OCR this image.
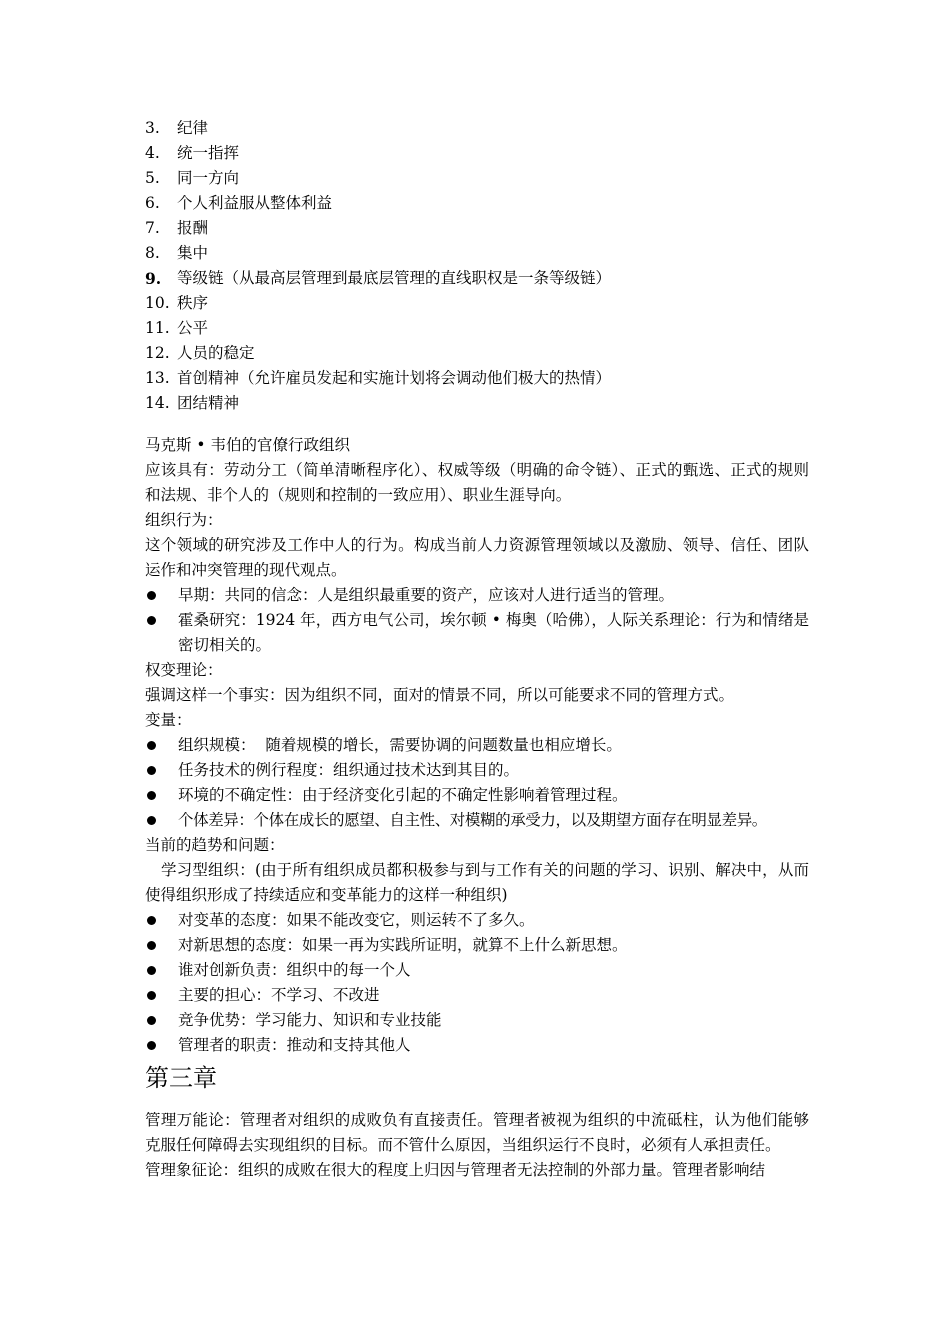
3.	纪律
4.	统一指挥
5.	同一方向
6.	个人利益服从整体利益
7.	报酬
8.	集中
9.	等级链（从最高层管理到最底层管理的直线职权是一条等级链）
10. 秩序
11. 公平
12. 人员的稳定
13. 首创精神（允许雇员发起和实施计划将会调动他们极大的热情）
14. 团结精神
马克斯 • 韦伯的官僚行政组织
应该具有：劳动分工（简单清晰程序化）、权威等级（明确的命令链）、正式的甄选、正式的规则和法规、非个人的（规则和控制的一致应用）、职业生涯导向。
组织行为：
这个领域的研究涉及工作中人的行为。构成当前人力资源管理领域以及激励、领导、信任、团队运作和冲突管理的现代观点。
早期：共同的信念：人是组织最重要的资产，应该对人进行适当的管理。
霍桑研究：1924 年，西方电气公司，埃尔顿 • 梅奥（哈佛），人际关系理论：行为和情绪是密切相关的。
权变理论：
强调这样一个事实：因为组织不同，面对的情景不同，所以可能要求不同的管理方式。
变量：
组织规模：  随着规模的增长，需要协调的问题数量也相应增长。
任务技术的例行程度：组织通过技术达到其目的。
环境的不确定性：由于经济变化引起的不确定性影响着管理过程。
个体差异：个体在成长的愿望、自主性、对模糊的承受力，以及期望方面存在明显差异。
当前的趋势和问题：
学习型组织：(由于所有组织成员都积极参与到与工作有关的问题的学习、识别、解决中，从而使得组织形成了持续适应和变革能力的这样一种组织)
对变革的态度：如果不能改变它，则运转不了多久。
对新思想的态度：如果一再为实践所证明，就算不上什么新思想。
谁对创新负责：组织中的每一个人
主要的担心：不学习、不改进
竞争优势：学习能力、知识和专业技能
管理者的职责：推动和支持其他人
第三章
管理万能论：管理者对组织的成败负有直接责任。管理者被视为组织的中流砥柱，认为他们能够克服任何障碍去实现组织的目标。而不管什么原因，当组织运行不良时，必须有人承担责任。
管理象征论：组织的成败在很大的程度上归因与管理者无法控制的外部力量。管理者影响结
